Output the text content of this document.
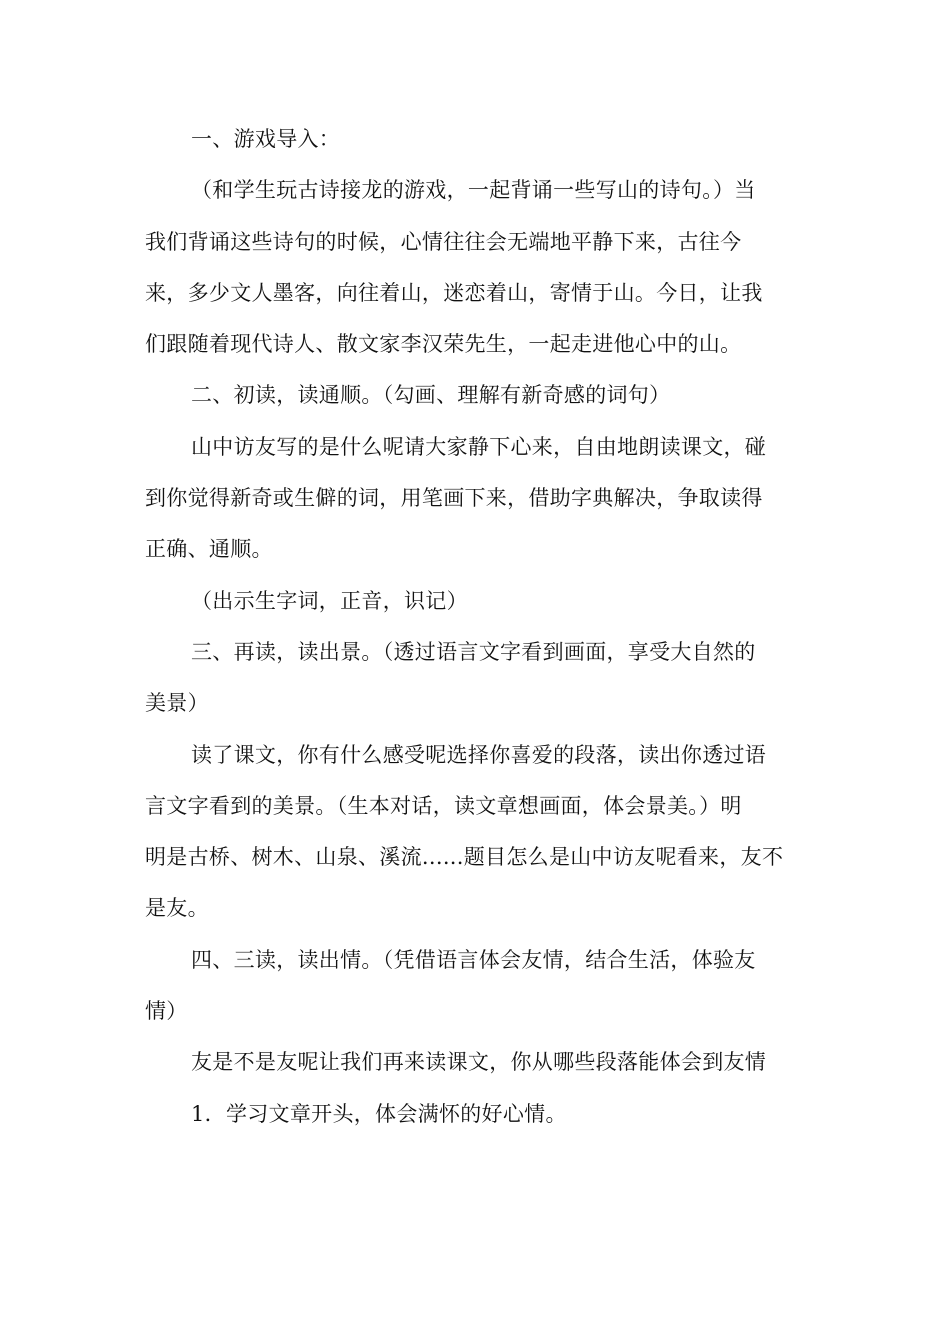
一、游戏导入：

（和学生玩古诗接龙的游戏，一起背诵一些写山的诗句。）当
我们背诵这些诗句的时候，心情往往会无端地平静下来，古往今
来，多少文人墨客，向往着山，迷恋着山，寄情于山。今日，让我
们跟随着现代诗人、散文家李汉荣先生，一起走进他心中的山。

二、初读，读通顺。（勾画、理解有新奇感的词句）

山中访友写的是什么呢请大家静下心来，自由地朗读课文，碰
到你觉得新奇或生僻的词，用笔画下来，借助字典解决，争取读得
正确、通顺。

（出示生字词，正音，识记）

三、再读，读出景。（透过语言文字看到画面，享受大自然的
美景）

读了课文，你有什么感受呢选择你喜爱的段落，读出你透过语
言文字看到的美景。（生本对话，读文章想画面，体会景美。）明
明是古桥、树木、山泉、溪流......题目怎么是山中访友呢看来，友不
是友。

四、三读，读出情。（凭借语言体会友情，结合生活，体验友
情）

友是不是友呢让我们再来读课文，你从哪些段落能体会到友情

1．学习文章开头，体会满怀的好心情。
